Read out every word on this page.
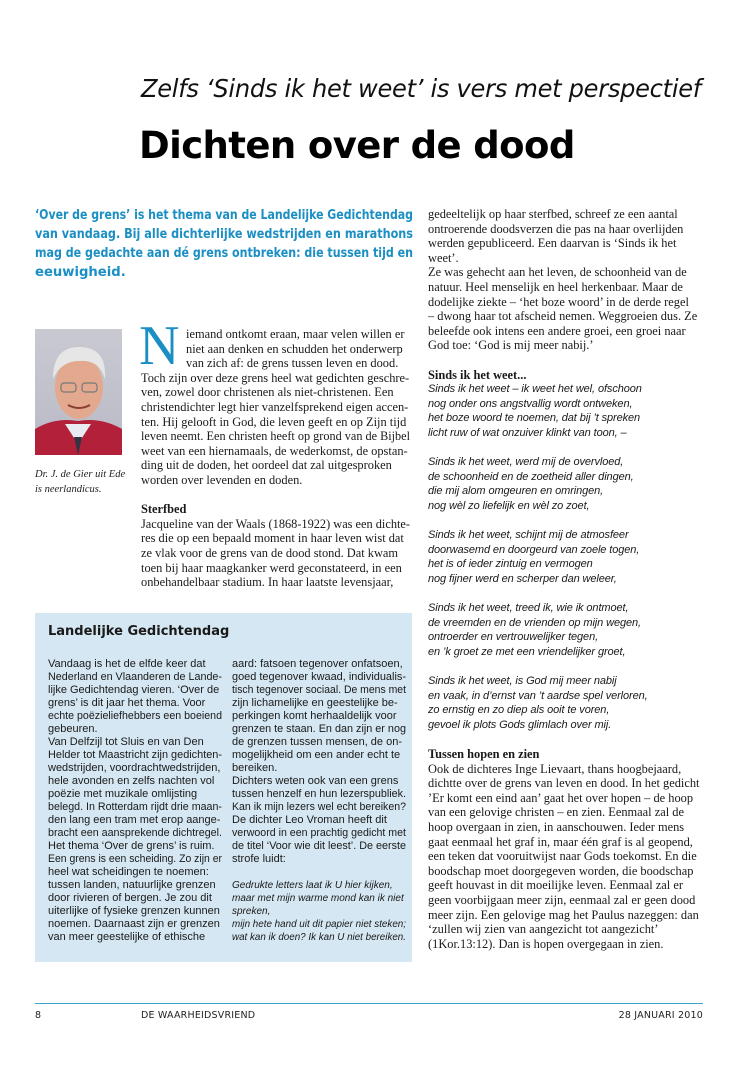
Zelfs ‘Sinds ik het weet’ is vers met perspectief
Dichten over de dood
‘Over de grens’ is het thema van de Landelijke Gedichtendag
van vandaag. Bij alle dichterlijke wedstrijden en marathons
mag de gedachte aan dé grens ontbreken: die tussen tijd en
eeuwigheid.
Dr. J. de Gier uit Ede
is neerlandicus.
N iemand ontkomt eraan, maar velen willen er
niet aan denken en schudden het onderwerp
van zich af: de grens tussen leven en dood.
Toch zijn over deze grens heel wat gedichten geschre-
ven, zowel door christenen als niet-christenen. Een
christendichter legt hier vanzelfsprekend eigen accen-
ten. Hij gelooft in God, die leven geeft en op Zijn tijd
leven neemt. Een christen heeft op grond van de Bijbel
weet van een hiernamaals, de wederkomst, de opstan-
ding uit de doden, het oordeel dat zal uitgesproken
worden over levenden en doden.
Sterfbed
Jacqueline van der Waals (1868-1922) was een dichte-
res die op een bepaald moment in haar leven wist dat
ze vlak voor de grens van de dood stond. Dat kwam
toen bij haar maagkanker werd geconstateerd, in een
onbehandelbaar stadium. In haar laatste levensjaar,
gedeeltelijk op haar sterfbed, schreef ze een aantal
ontroerende doodsverzen die pas na haar overlijden
werden gepubliceerd. Een daarvan is ‘Sinds ik het
weet’.
Ze was gehecht aan het leven, de schoonheid van de
natuur. Heel menselijk en heel herkenbaar. Maar de
dodelijke ziekte – ‘het boze woord’ in de derde regel
– dwong haar tot afscheid nemen. Weggroeien dus. Ze
beleefde ook intens een andere groei, een groei naar
God toe: ‘God is mij meer nabij.’
Sinds ik het weet...
Sinds ik het weet – ik weet het wel, ofschoon
nog onder ons angstvallig wordt ontweken,
het boze woord te noemen, dat bij ’t spreken
licht ruw of wat onzuiver klinkt van toon, –
Sinds ik het weet, werd mij de overvloed,
de schoonheid en de zoetheid aller dingen,
die mij alom omgeuren en omringen,
nog wèl zo liefelijk en wèl zo zoet,
Sinds ik het weet, schijnt mij de atmosfeer
doorwasemd en doorgeurd van zoele togen,
het is of ieder zintuig en vermogen
nog fijner werd en scherper dan weleer,
Sinds ik het weet, treed ik, wie ik ontmoet,
de vreemden en de vrienden op mijn wegen,
ontroerder en vertrouwelijker tegen,
en ’k groet ze met een vriendelijker groet,
Sinds ik het weet, is God mij meer nabij
en vaak, in d’ernst van ’t aardse spel verloren,
zo ernstig en zo diep als ooit te voren,
gevoel ik plots Gods glimlach over mij.
Tussen hopen en zien
Ook de dichteres Inge Lievaart, thans hoogbejaard,
dichtte over de grens van leven en dood. In het gedicht
’Er komt een eind aan’ gaat het over hopen – de hoop
van een gelovige christen – en zien. Eenmaal zal de
hoop overgaan in zien, in aanschouwen. Ieder mens
gaat eenmaal het graf in, maar één graf is al geopend,
een teken dat vooruitwijst naar Gods toekomst. En die
boodschap moet doorgegeven worden, die boodschap
geeft houvast in dit moeilijke leven. Eenmaal zal er
geen voorbijgaan meer zijn, eenmaal zal er geen dood
meer zijn. Een gelovige mag het Paulus nazeggen: dan
‘zullen wij zien van aangezicht tot aangezicht’
(1Kor.13:12). Dan is hopen overgegaan in zien.
Landelijke Gedichtendag
Vandaag is het de elfde keer dat
Nederland en Vlaanderen de Lande-
lijke Gedichtendag vieren. ‘Over de
grens’ is dit jaar het thema. Voor
echte poëzieliefhebbers een boeiend
gebeuren.
Van Delfzijl tot Sluis en van Den
Helder tot Maastricht zijn gedichten-
wedstrijden, voordrachtwedstrijden,
hele avonden en zelfs nachten vol
poëzie met muzikale omlijsting
belegd. In Rotterdam rijdt drie maan-
den lang een tram met erop aange-
bracht een aansprekende dichtregel.
Het thema ‘Over de grens’ is ruim.
Een grens is een scheiding. Zo zijn er
heel wat scheidingen te noemen:
tussen landen, natuurlijke grenzen
door rivieren of bergen. Je zou dit
uiterlijke of fysieke grenzen kunnen
noemen. Daarnaast zijn er grenzen
van meer geestelijke of ethische
aard: fatsoen tegenover onfatsoen,
goed tegenover kwaad, individualis-
tisch tegenover sociaal. De mens met
zijn lichamelijke en geestelijke be-
perkingen komt herhaaldelijk voor
grenzen te staan. En dan zijn er nog
de grenzen tussen mensen, de on-
mogelijkheid om een ander echt te
bereiken.
Dichters weten ook van een grens
tussen henzelf en hun lezerspubliek.
Kan ik mijn lezers wel echt bereiken?
De dichter Leo Vroman heeft dit
verwoord in een prachtig gedicht met
de titel ‘Voor wie dit leest’. De eerste
strofe luidt:
Gedrukte letters laat ik U hier kijken,
maar met mijn warme mond kan ik niet
spreken,
mijn hete hand uit dit papier niet steken;
wat kan ik doen? Ik kan U niet bereiken.
8	DE WAARHEIDSVRIEND	28 JANUARI 2010
